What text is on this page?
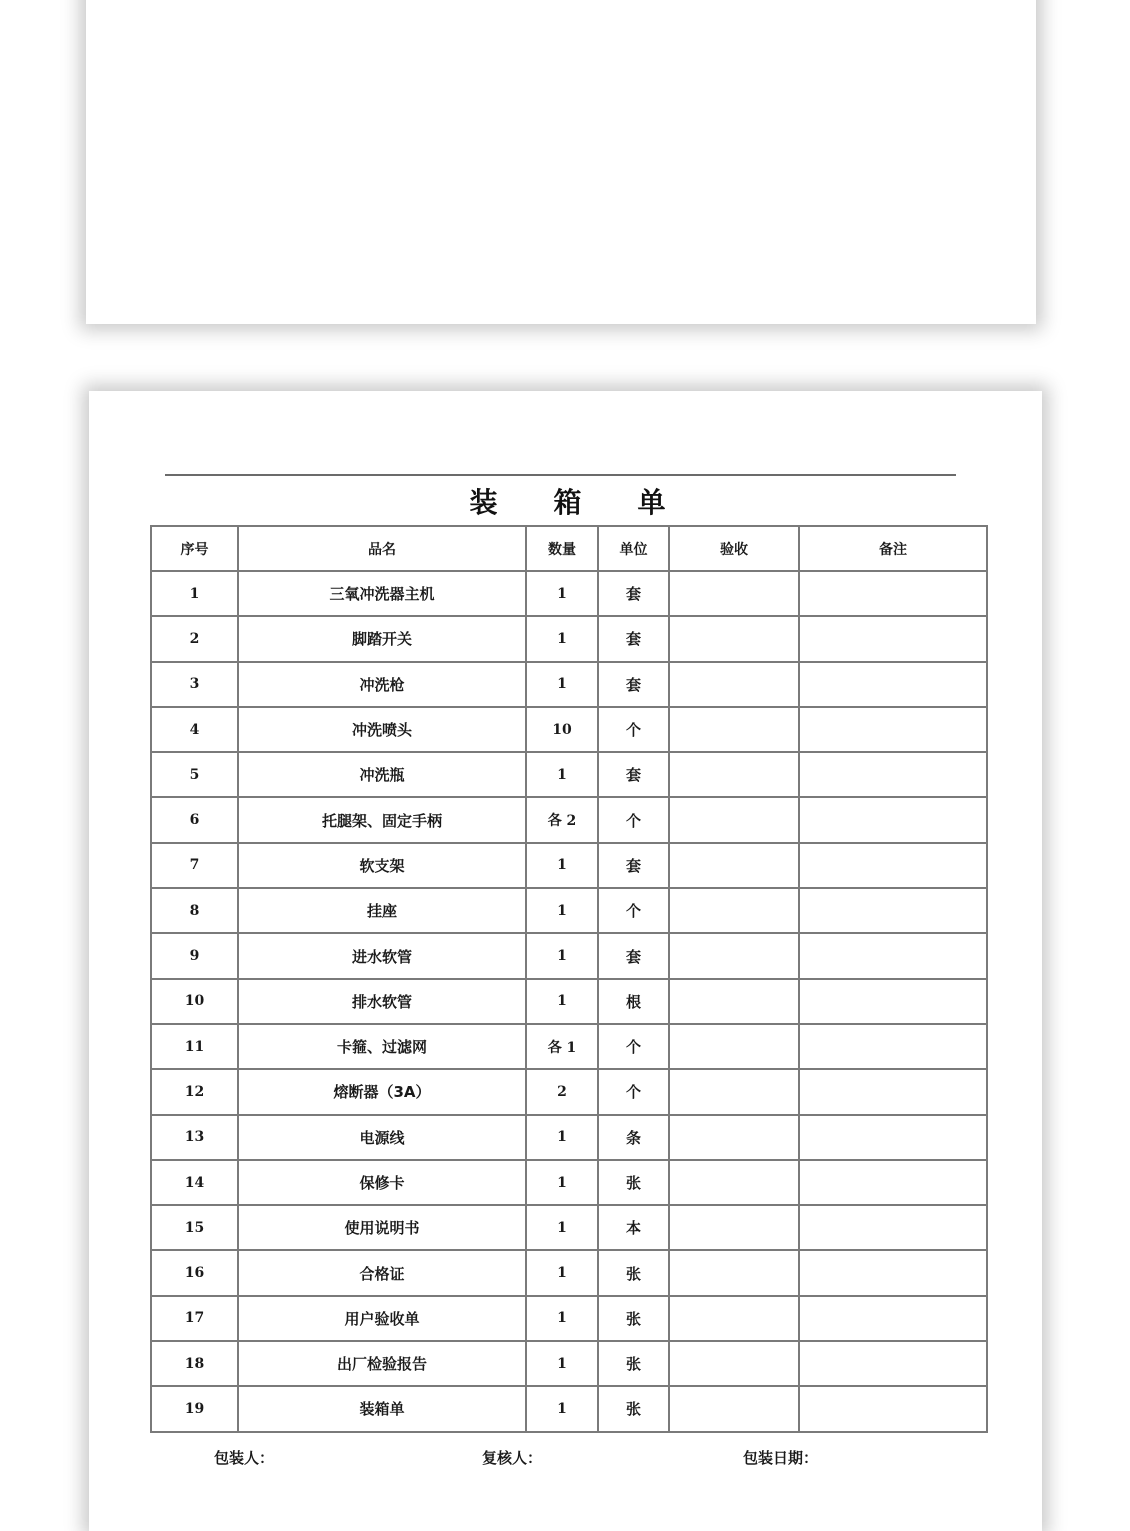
装 箱 单
序号	品名	数量	单位	验收	备注
1	三氧冲洗器主机	1	套		
2	脚踏开关	1	套		
3	冲洗枪	1	套		
4	冲洗喷头	10	个		
5	冲洗瓶	1	套		
6	托腿架、固定手柄	各 2	个		
7	软支架	1	套		
8	挂座	1	个		
9	进水软管	1	套		
10	排水软管	1	根		
11	卡箍、过滤网	各 1	个		
12	熔断器（3A）	2	个		
13	电源线	1	条		
14	保修卡	1	张		
15	使用说明书	1	本		
16	合格证	1	张		
17	用户验收单	1	张		
18	出厂检验报告	1	张		
19	装箱单	1	张		
包装人：	复核人：	包装日期：
